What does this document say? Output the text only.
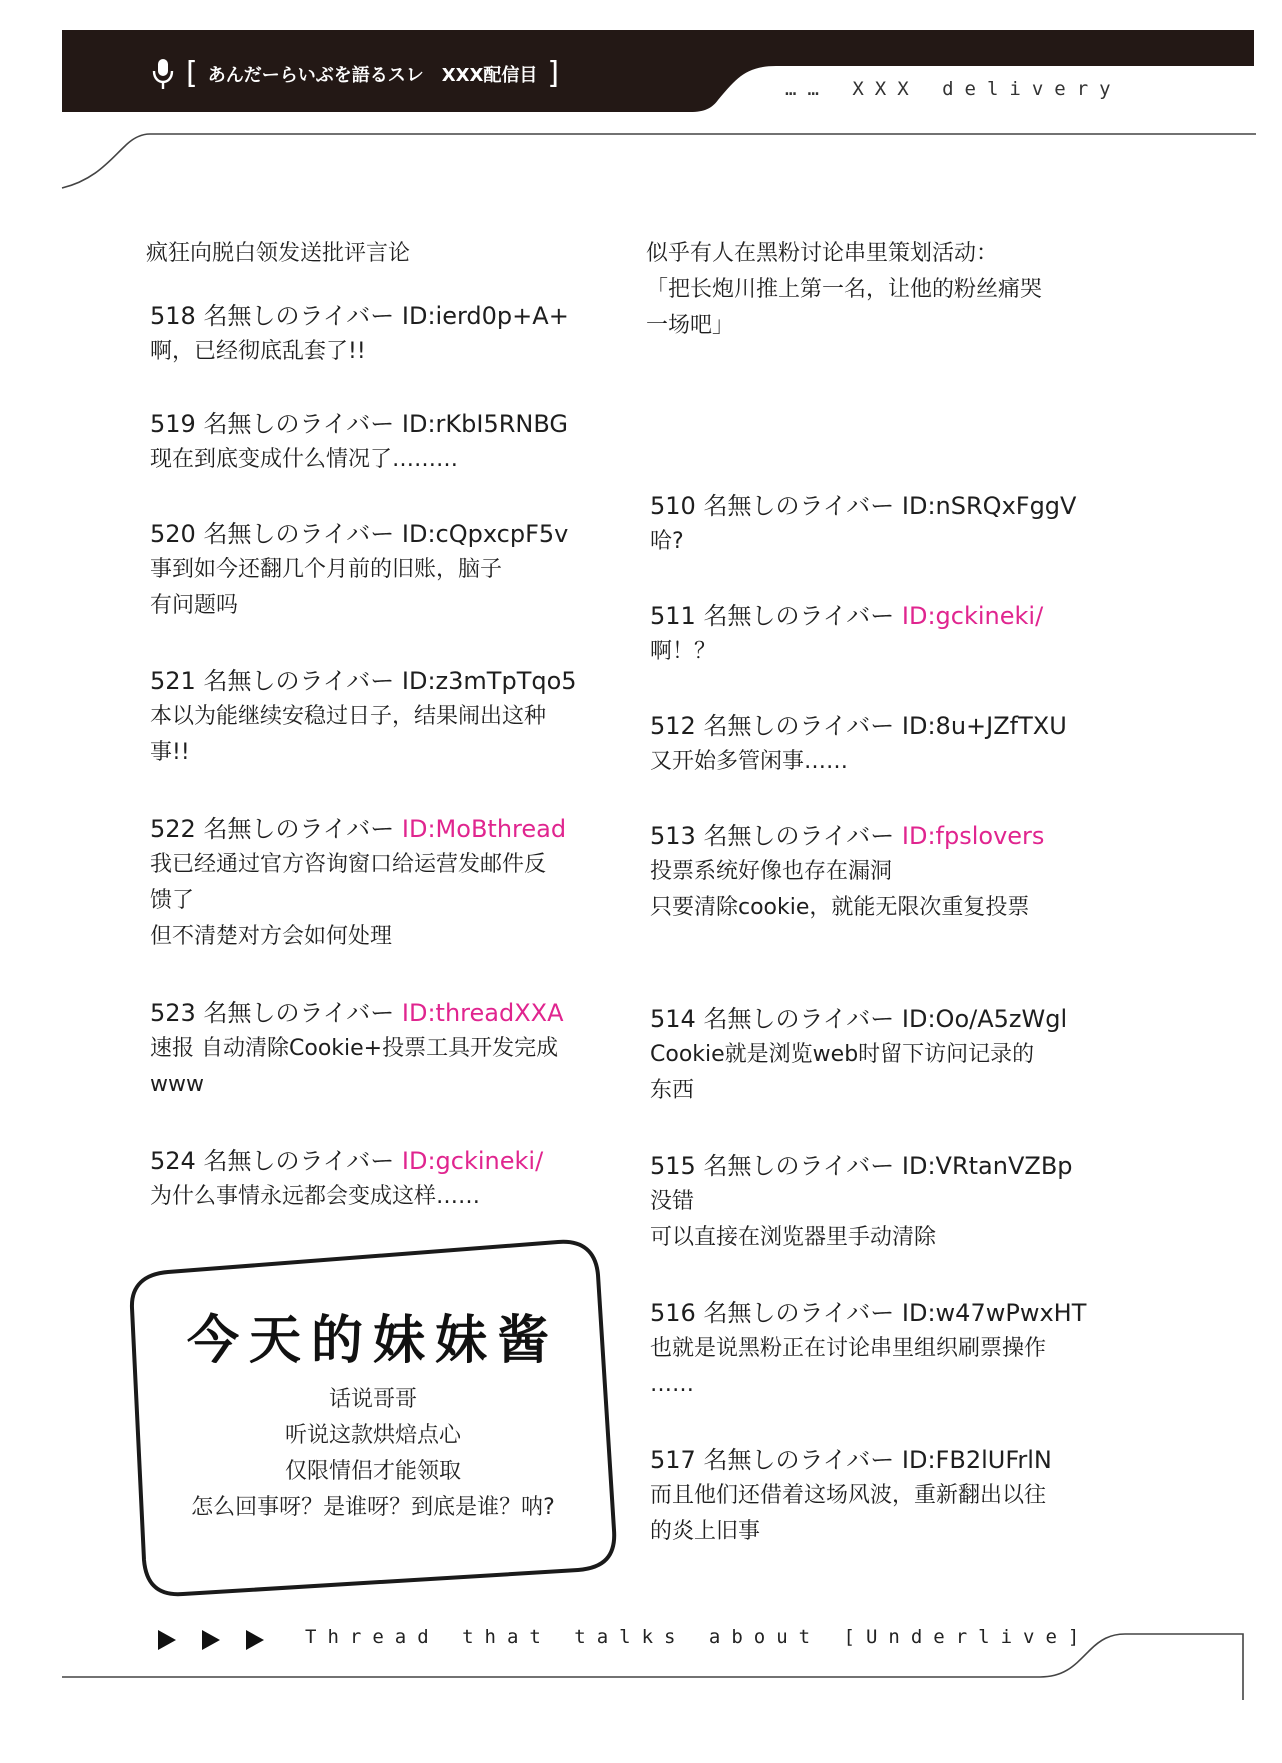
[ あんだーらいぶを語るスレ　XXX配信目 ]	…… XXX delivery

疯狂向脱白领发送批评言论

518 名無しのライバー ID:ierd0p+A+
啊，已经彻底乱套了!!
519 名無しのライバー ID:rKbI5RNBG
现在到底变成什么情况了………
520 名無しのライバー ID:cQpxcpF5v
事到如今还翻几个月前的旧账，脑子
有问题吗
521 名無しのライバー ID:z3mTpTqo5
本以为能继续安稳过日子，结果闹出这种
事!!
522 名無しのライバー ID:MoBthread
我已经通过官方咨询窗口给运营发邮件反
馈了
但不清楚对方会如何处理
523 名無しのライバー ID:threadXXA
速报 自动清除Cookie+投票工具开发完成
www
524 名無しのライバー ID:gckineki/
为什么事情永远都会变成这样……
似乎有人在黑粉讨论串里策划活动：
「把长炮川推上第一名，让他的粉丝痛哭
一场吧」
510 名無しのライバー ID:nSRQxFggV
哈?
511 名無しのライバー ID:gckineki/
啊！？
512 名無しのライバー ID:8u+JZfTXU
又开始多管闲事……
513 名無しのライバー ID:fpslovers
投票系统好像也存在漏洞
只要清除cookie，就能无限次重复投票
514 名無しのライバー ID:Oo/A5zWgl
Cookie就是浏览web时留下访问记录的
东西
515 名無しのライバー ID:VRtanVZBp
没错
可以直接在浏览器里手动清除
516 名無しのライバー ID:w47wPwxHT
也就是说黑粉正在讨论串里组织刷票操作
……
517 名無しのライバー ID:FB2lUFrlN
而且他们还借着这场风波，重新翻出以往
的炎上旧事
今天的妹妹酱
话说哥哥
听说这款烘焙点心
仅限情侣才能领取
怎么回事呀？是谁呀？到底是谁？呐?
Thread that talks about [Underlive]
